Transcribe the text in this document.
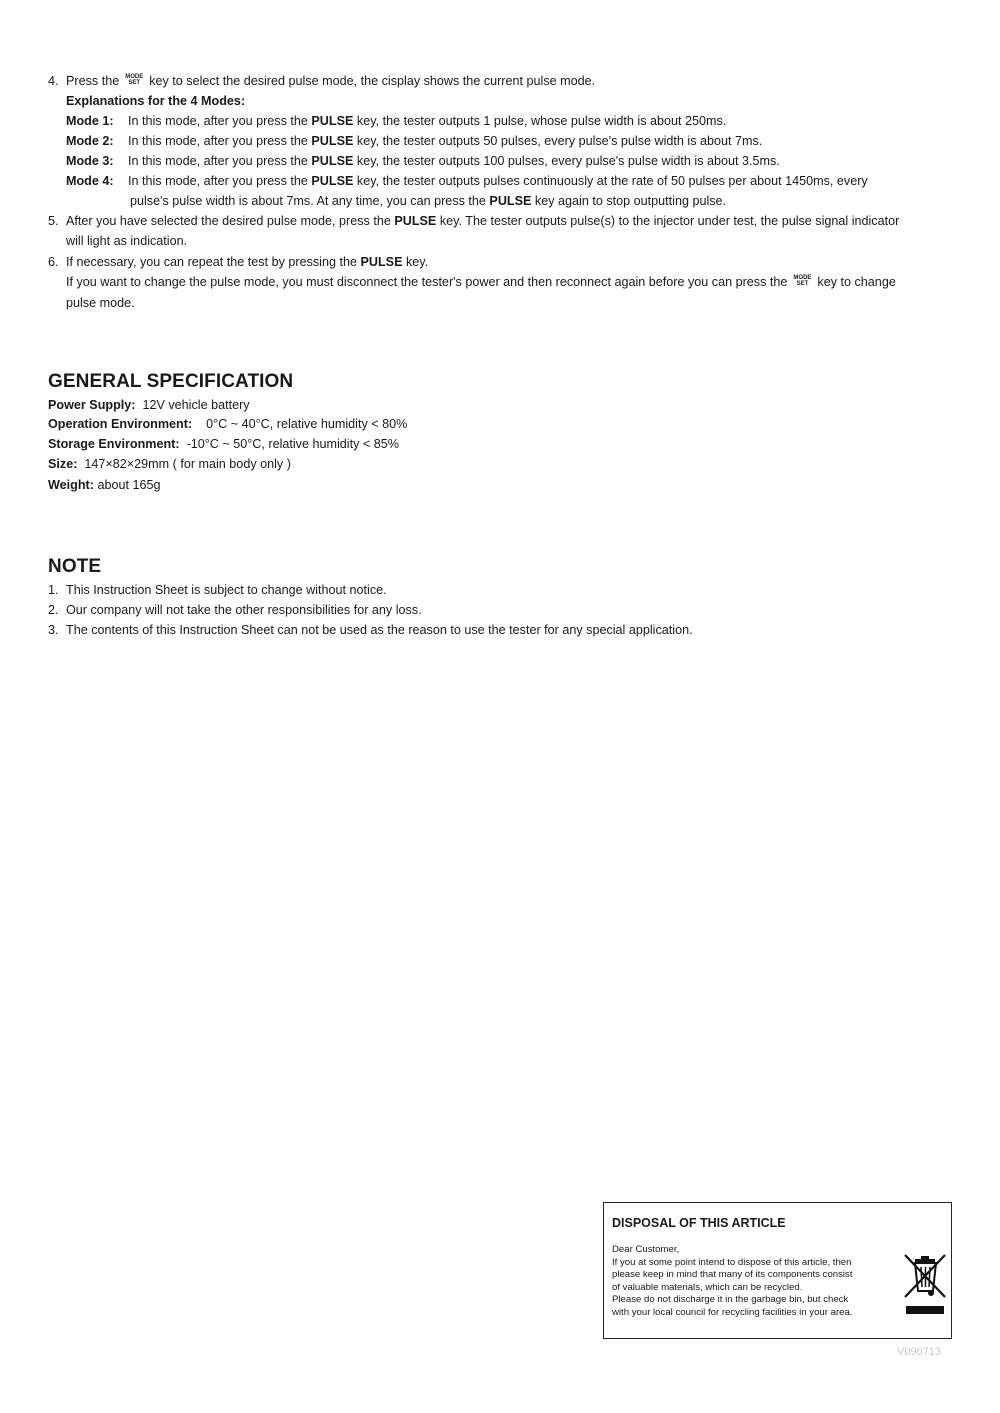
4. Press the MODE
SET key to select the desired pulse mode, the cisplay shows the current pulse mode.
Explanations for the 4 Modes:
Mode 1: In this mode, after you press the PULSE key, the tester outputs 1 pulse, whose pulse width is about 250ms.
Mode 2: In this mode, after you press the PULSE key, the tester outputs 50 pulses, every pulse's pulse width is about 7ms.
Mode 3: In this mode, after you press the PULSE key, the tester outputs 100 pulses, every pulse's pulse width is about 3.5ms.
Mode 4: In this mode, after you press the PULSE key, the tester outputs pulses continuously at the rate of 50 pulses per about 1450ms, every
pulse's pulse width is about 7ms. At any time, you can press the PULSE key again to stop outputting pulse.
5. After you have selected the desired pulse mode, press the PULSE key. The tester outputs pulse(s) to the injector under test, the pulse signal indicator
will light as indication.
6. If necessary, you can repeat the test by pressing the PULSE key.
If you want to change the pulse mode, you must disconnect the tester's power and then reconnect again before you can press the MODE
SET key to change
pulse mode.
GENERAL SPECIFICATION
Power Supply: 12V vehicle battery
Operation Environment: 0°C ~ 40°C, relative humidity < 80%
Storage Environment: -10°C ~ 50°C, relative humidity < 85%
Size: 147×82×29mm ( for main body only )
Weight: about 165g
NOTE
1. This Instruction Sheet is subject to change without notice.
2. Our company will not take the other responsibilities for any loss.
3. The contents of this Instruction Sheet can not be used as the reason to use the tester for any special application.
DISPOSAL OF THIS ARTICLE
Dear Customer,
If you at some point intend to dispose of this article, then
please keep in mind that many of its components consist
of valuable materials, which can be recycled.
Please do not discharge it in the garbage bin, but check
with your local council for recycling facilities in your area.
V090713
